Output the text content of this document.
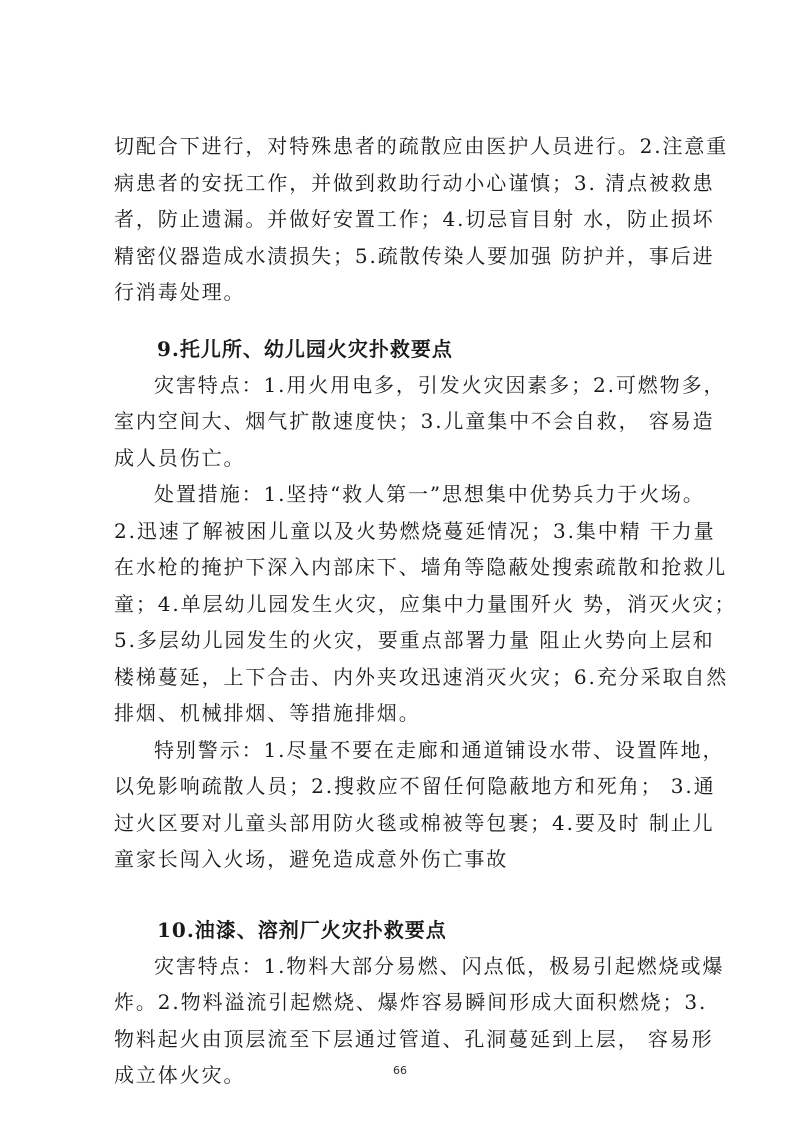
切配合下进行，对特殊患者的疏散应由医护人员进行。2.注意重

病患者的安抚工作，并做到救助行动小心谨慎；3. 清点被救患

者，防止遗漏。并做好安置工作；4.切忌盲目射 水，防止损坏

精密仪器造成水渍损失；5.疏散传染人要加强 防护并，事后进

行消毒处理。

9.托儿所、幼儿园火灾扑救要点

灾害特点：1.用火用电多，引发火灾因素多；2.可燃物多，

室内空间大、烟气扩散速度快；3.儿童集中不会自救， 容易造

成人员伤亡。

处置措施：1.坚持“救人第一”思想集中优势兵力于火场。

2.迅速了解被困儿童以及火势燃烧蔓延情况；3.集中精 干力量

在水枪的掩护下深入内部床下、墙角等隐蔽处搜索疏散和抢救儿

童；4.单层幼儿园发生火灾，应集中力量围歼火 势，消灭火灾；

5.多层幼儿园发生的火灾，要重点部署力量 阻止火势向上层和

楼梯蔓延，上下合击、内外夹攻迅速消灭火灾；6.充分采取自然

排烟、机械排烟、等措施排烟。

特别警示：1.尽量不要在走廊和通道铺设水带、设置阵地，

以免影响疏散人员；2.搜救应不留任何隐蔽地方和死角； 3.通

过火区要对儿童头部用防火毯或棉被等包裹；4.要及时 制止儿

童家长闯入火场，避免造成意外伤亡事故

10.油漆、溶剂厂火灾扑救要点

灾害特点：1.物料大部分易燃、闪点低，极易引起燃烧或爆

炸。2.物料溢流引起燃烧、爆炸容易瞬间形成大面积燃烧；3.

物料起火由顶层流至下层通过管道、孔洞蔓延到上层， 容易形

成立体火灾。	66
